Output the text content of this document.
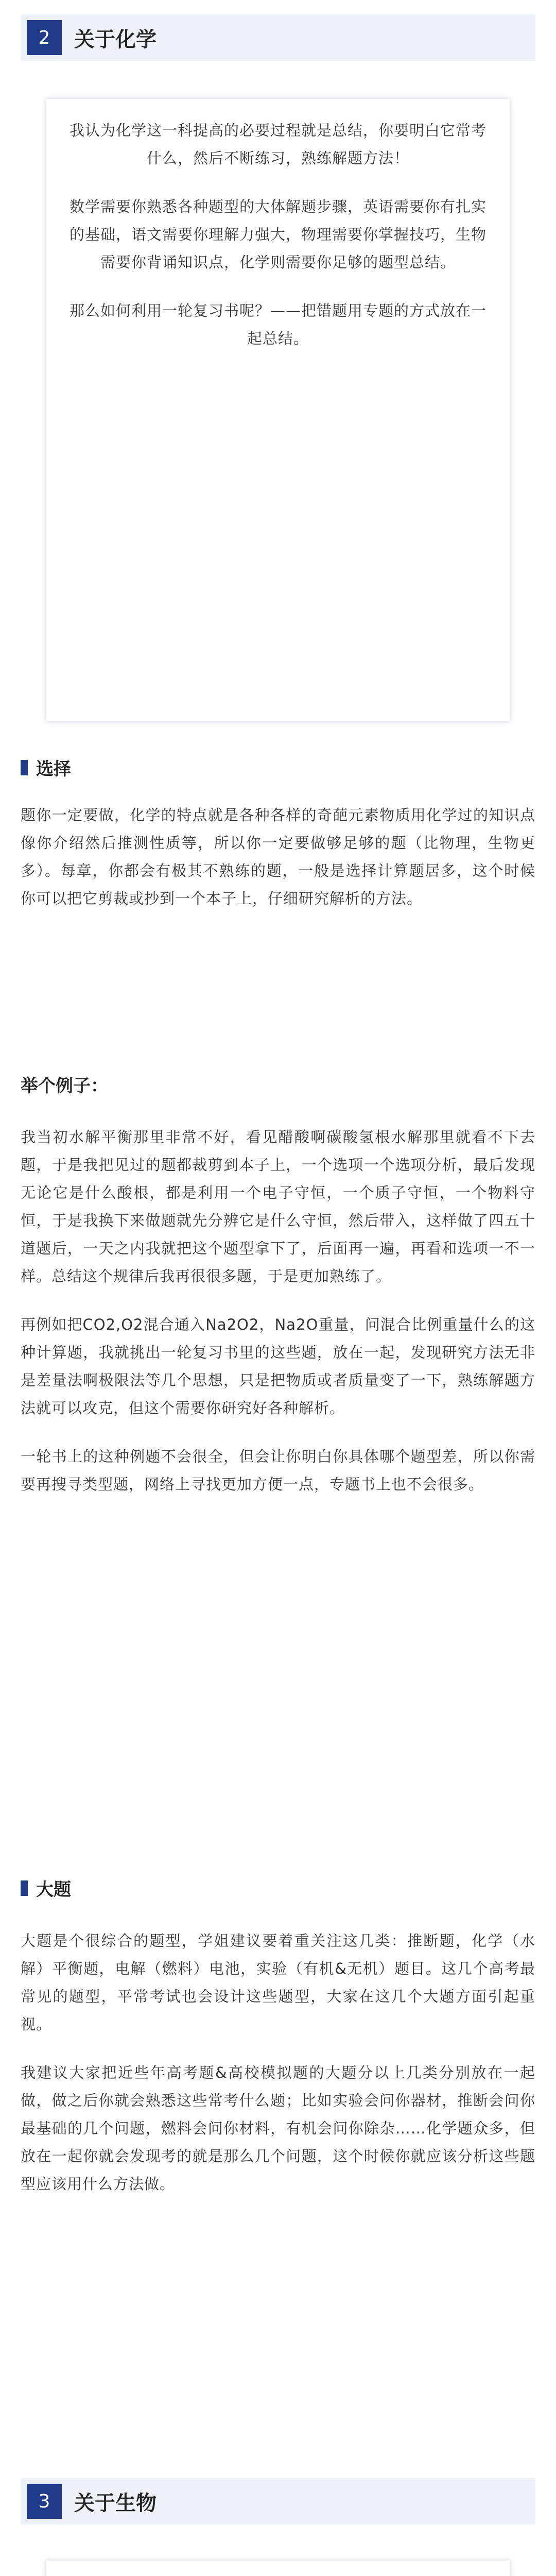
2	关于化学

我认为化学这一科提高的必要过程就是总结，你要明白它常考什么，然后不断练习，熟练解题方法！

数学需要你熟悉各种题型的大体解题步骤，英语需要你有扎实的基础，语文需要你理解力强大，物理需要你掌握技巧，生物需要你背诵知识点，化学则需要你足够的题型总结。

那么如何利用一轮复习书呢？——把错题用专题的方式放在一起总结。

选择

题你一定要做，化学的特点就是各种各样的奇葩元素物质用化学过的知识点像你介绍然后推测性质等，所以你一定要做够足够的题（比物理，生物更多）。每章，你都会有极其不熟练的题，一般是选择计算题居多，这个时候你可以把它剪裁或抄到一个本子上，仔细研究解析的方法。

举个例子：

我当初水解平衡那里非常不好，看见醋酸啊碳酸氢根水解那里就看不下去题，于是我把见过的题都裁剪到本子上，一个选项一个选项分析，最后发现无论它是什么酸根，都是利用一个电子守恒，一个质子守恒，一个物料守恒，于是我换下来做题就先分辨它是什么守恒，然后带入，这样做了四五十道题后，一天之内我就把这个题型拿下了，后面再一遍，再看和选项一不一样。总结这个规律后我再很很多题，于是更加熟练了。

再例如把CO2,O2混合通入Na2O2，Na2O重量，问混合比例重量什么的这种计算题，我就挑出一轮复习书里的这些题，放在一起，发现研究方法无非是差量法啊极限法等几个思想，只是把物质或者质量变了一下，熟练解题方法就可以攻克，但这个需要你研究好各种解析。

一轮书上的这种例题不会很全，但会让你明白你具体哪个题型差，所以你需要再搜寻类型题，网络上寻找更加方便一点，专题书上也不会很多。

大题

大题是个很综合的题型，学姐建议要着重关注这几类：推断题，化学（水解）平衡题，电解（燃料）电池，实验（有机&无机）题目。这几个高考最常见的题型，平常考试也会设计这些题型，大家在这几个大题方面引起重视。

我建议大家把近些年高考题&高校模拟题的大题分以上几类分别放在一起做，做之后你就会熟悉这些常考什么题；比如实验会问你器材，推断会问你最基础的几个问题，燃料会问你材料，有机会问你除杂……化学题众多，但放在一起你就会发现考的就是那么几个问题，这个时候你就应该分析这些题型应该用什么方法做。

3	关于生物
